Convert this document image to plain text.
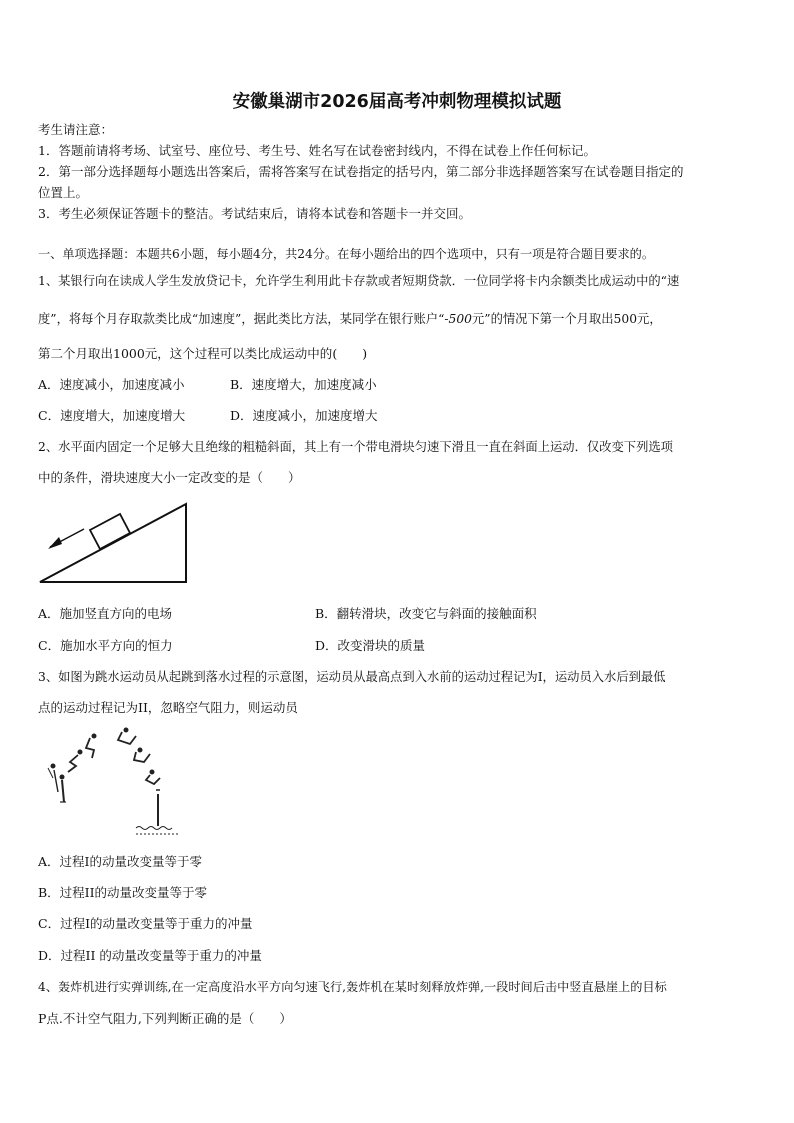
安徽巢湖市2026届高考冲刺物理模拟试题
考生请注意：
1．答题前请将考场、试室号、座位号、考生号、姓名写在试卷密封线内，不得在试卷上作任何标记。
2．第一部分选择题每小题选出答案后，需将答案写在试卷指定的括号内，第二部分非选择题答案写在试卷题目指定的
位置上。
3．考生必须保证答题卡的整洁。考试结束后，请将本试卷和答题卡一并交回。
一、单项选择题：本题共6小题，每小题4分，共24分。在每小题给出的四个选项中，只有一项是符合题目要求的。
1、某银行向在读成人学生发放贷记卡，允许学生利用此卡存款或者短期贷款．一位同学将卡内余额类比成运动中的“速
度”，将每个月存取款类比成“加速度”，据此类比方法，某同学在银行账户“-500元”的情况下第一个月取出500元，
第二个月取出1000元，这个过程可以类比成运动中的(　　)
A．速度减小，加速度减小	B．速度增大，加速度减小
C．速度增大，加速度增大	D．速度减小，加速度增大
2、水平面内固定一个足够大且绝缘的粗糙斜面，其上有一个带电滑块匀速下滑且一直在斜面上运动．仅改变下列选项
中的条件，滑块速度大小一定改变的是（　　）
A．施加竖直方向的电场	B．翻转滑块，改变它与斜面的接触面积
C．施加水平方向的恒力	D．改变滑块的质量
3、如图为跳水运动员从起跳到落水过程的示意图，运动员从最高点到入水前的运动过程记为I，运动员入水后到最低
点的运动过程记为II，忽略空气阻力，则运动员
A．过程I的动量改变量等于零
B．过程II的动量改变量等于零
C．过程I的动量改变量等于重力的冲量
D．过程II 的动量改变量等于重力的冲量
4、轰炸机进行实弹训练,在一定高度沿水平方向匀速飞行,轰炸机在某时刻释放炸弹,一段时间后击中竖直悬崖上的目标
P点.不计空气阻力,下列判断正确的是（　　）
